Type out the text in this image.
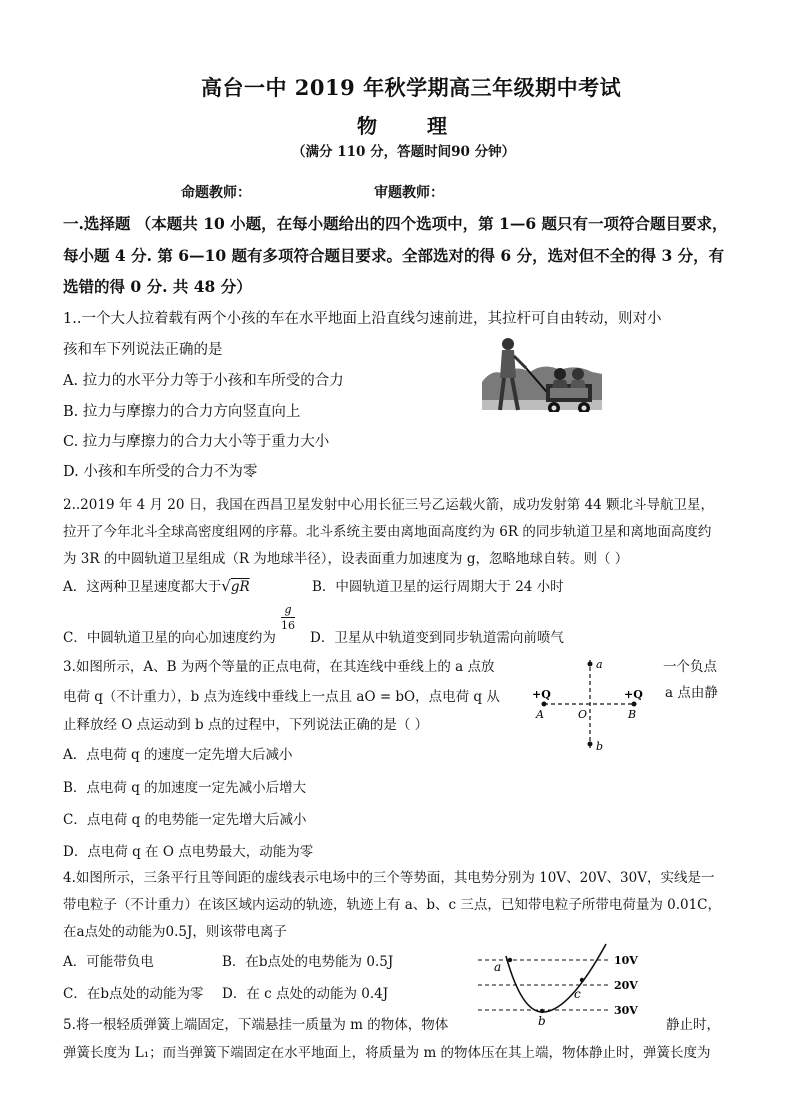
高台一中 2019 年秋学期高三年级期中考试
物 理
（满分 110 分，答题时间90 分钟）
命题教师：	审题教师：
一.选择题 （本题共 10 小题，在每小题给出的四个选项中，第 1—6 题只有一项符合题目要求，
每小题 4 分. 第 6—10 题有多项符合题目要求。全部选对的得 6 分，选对但不全的得 3 分，有
选错的得 0 分. 共 48 分）
1..一个大人拉着载有两个小孩的车在水平地面上沿直线匀速前进，其拉杆可自由转动，则对小
孩和车下列说法正确的是
A. 拉力的水平分力等于小孩和车所受的合力
B. 拉力与摩擦力的合力方向竖直向上
C. 拉力与摩擦力的合力大小等于重力大小
D. 小孩和车所受的合力不为零
2..2019 年 4 月 20 日，我国在西昌卫星发射中心用长征三号乙运载火箭，成功发射第 44 颗北斗导航卫星，
拉开了今年北斗全球高密度组网的序幕。北斗系统主要由离地面高度约为 6R 的同步轨道卫星和离地面高度约
为 3R 的中圆轨道卫星组成（R 为地球半径），设表面重力加速度为 g，忽略地球自转。则（ ）
A．这两种卫星速度都大于√gR	B．中圆轨道卫星的运行周期大于 24 小时
C．中圆轨道卫星的向心加速度约为
g
16
D．卫星从中轨道变到同步轨道需向前喷气
3.如图所示，A、B 为两个等量的正点电荷，在其连线中垂线上的 a 点放	一个负点
电荷 q（不计重力），b 点为连线中垂线上一点且 aO = bO，点电荷 q 从	a 点由静
止释放经 O 点运动到 b 点的过程中，下列说法正确的是（ ）
A．点电荷 q 的速度一定先增大后减小
B．点电荷 q 的加速度一定先减小后增大
C．点电荷 q 的电势能一定先增大后减小
D．点电荷 q 在 O 点电势最大，动能为零
a
b
O
A	B
+Q	+Q
4.如图所示，三条平行且等间距的虚线表示电场中的三个等势面，其电势分别为 10V、20V、30V，实线是一
带电粒子（不计重力）在该区域内运动的轨迹，轨迹上有 a、b、c 三点，已知带电粒子所带电荷量为 0.01C，
在a点处的动能为0.5J，则该带电离子
A．可能带负电	B．在b点处的电势能为 0.5J
C．在b点处的动能为零 D．在 c 点处的动能为 0.4J
10V
20V
30V
a
b
c
5.将一根轻质弹簧上端固定，下端悬挂一质量为 m 的物体，物体	静止时，
弹簧长度为 L₁；而当弹簧下端固定在水平地面上，将质量为 m 的物体压在其上端，物体静止时，弹簧长度为
